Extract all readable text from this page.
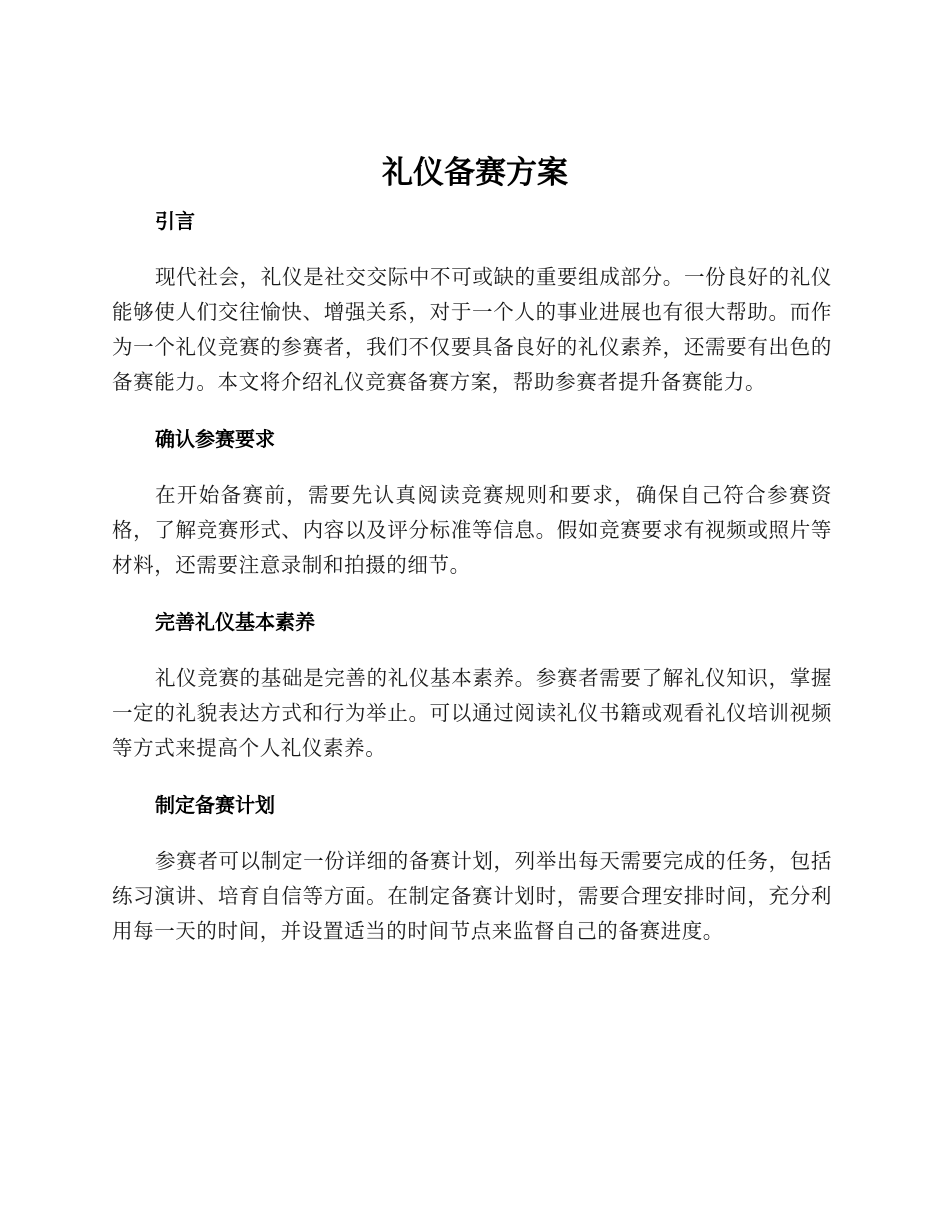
礼仪备赛方案
引言

现代社会，礼仪是社交交际中不可或缺的重要组成部分。一份良好的礼仪能够使人们交往愉快、增强关系，对于一个人的事业进展也有很大帮助。而作为一个礼仪竞赛的参赛者，我们不仅要具备良好的礼仪素养，还需要有出色的备赛能力。本文将介绍礼仪竞赛备赛方案，帮助参赛者提升备赛能力。

确认参赛要求

在开始备赛前，需要先认真阅读竞赛规则和要求，确保自己符合参赛资格，了解竞赛形式、内容以及评分标准等信息。假如竞赛要求有视频或照片等材料，还需要注意录制和拍摄的细节。

完善礼仪基本素养

礼仪竞赛的基础是完善的礼仪基本素养。参赛者需要了解礼仪知识，掌握一定的礼貌表达方式和行为举止。可以通过阅读礼仪书籍或观看礼仪培训视频等方式来提高个人礼仪素养。

制定备赛计划

参赛者可以制定一份详细的备赛计划，列举出每天需要完成的任务，包括练习演讲、培育自信等方面。在制定备赛计划时，需要合理安排时间，充分利用每一天的时间，并设置适当的时间节点来监督自己的备赛进度。
